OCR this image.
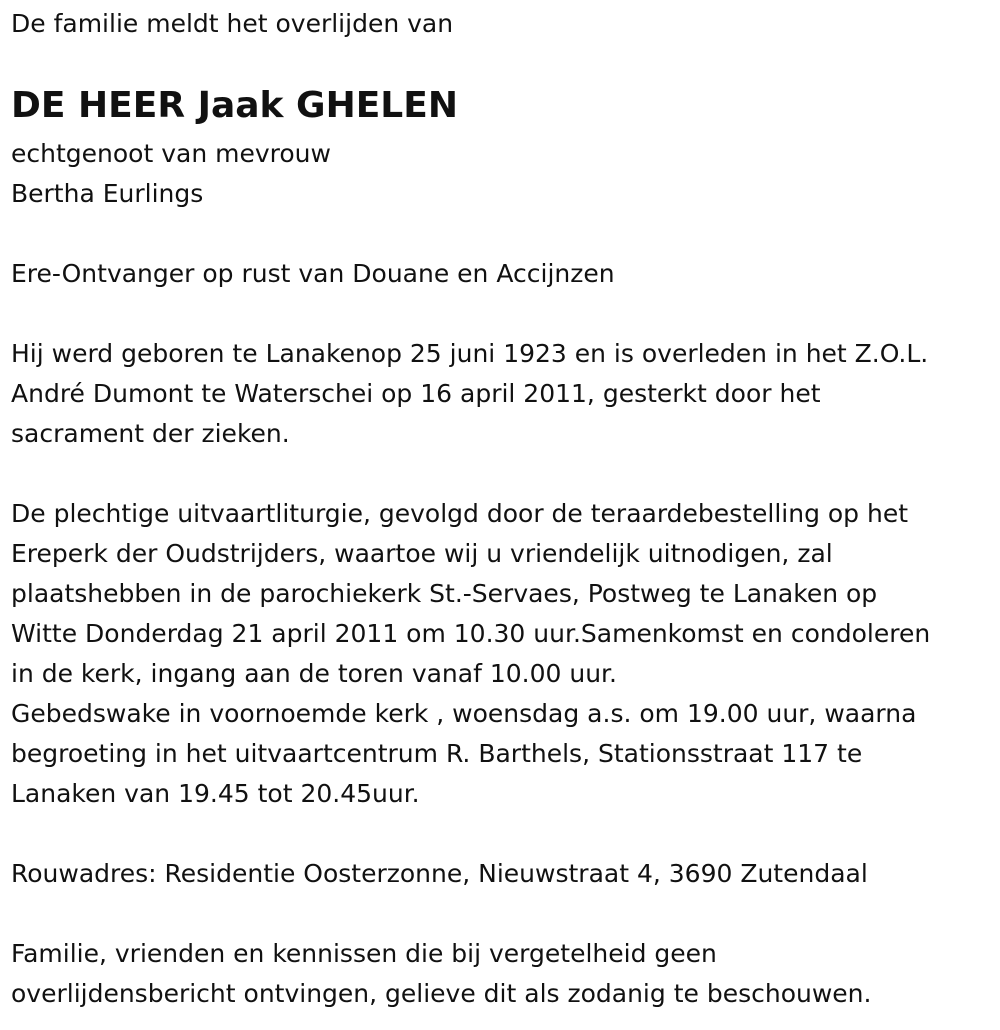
De familie meldt het overlijden van
DE HEER Jaak GHELEN
echtgenoot van mevrouw
Bertha Eurlings
Ere-Ontvanger op rust van Douane en Accijnzen
Hij werd geboren te Lanakenop 25 juni 1923 en is overleden in het Z.O.L.
André Dumont te Waterschei op 16 april 2011, gesterkt door het
sacrament der zieken.
De plechtige uitvaartliturgie, gevolgd door de teraardebestelling op het
Ereperk der Oudstrijders, waartoe wij u vriendelijk uitnodigen, zal
plaatshebben in de parochiekerk St.-Servaes, Postweg te Lanaken op
Witte Donderdag 21 april 2011 om 10.30 uur.Samenkomst en condoleren
in de kerk, ingang aan de toren vanaf 10.00 uur.
Gebedswake in voornoemde kerk , woensdag a.s. om 19.00 uur, waarna
begroeting in het uitvaartcentrum R. Barthels, Stationsstraat 117 te
Lanaken van 19.45 tot 20.45uur.
Rouwadres: Residentie Oosterzonne, Nieuwstraat 4, 3690 Zutendaal
Familie, vrienden en kennissen die bij vergetelheid geen
overlijdensbericht ontvingen, gelieve dit als zodanig te beschouwen.
